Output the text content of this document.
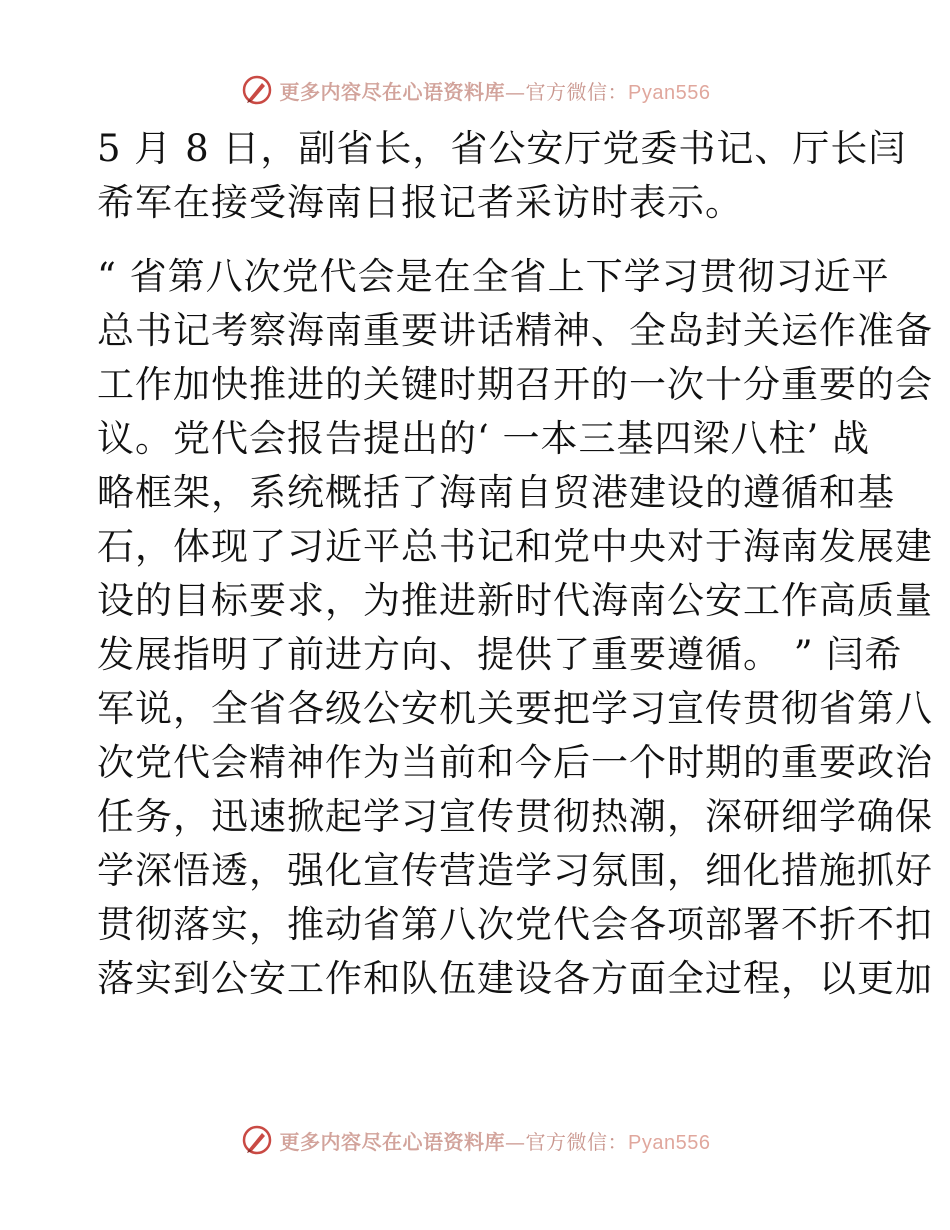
更多内容尽在心语资料库—官方微信：Pyan556
5 月 8 日，副省长，省公安厅党委书记、厅长闫
希军在接受海南日报记者采访时表示。
“ 省第八次党代会是在全省上下学习贯彻习近平
总书记考察海南重要讲话精神、全岛封关运作准备
工作加快推进的关键时期召开的一次十分重要的会
议。党代会报告提出的‘ 一本三基四梁八柱’ 战
略框架，系统概括了海南自贸港建设的遵循和基
石，体现了习近平总书记和党中央对于海南发展建
设的目标要求，为推进新时代海南公安工作高质量
发展指明了前进方向、提供了重要遵循。 ” 闫希
军说，全省各级公安机关要把学习宣传贯彻省第八
次党代会精神作为当前和今后一个时期的重要政治
任务，迅速掀起学习宣传贯彻热潮，深研细学确保
学深悟透，强化宣传营造学习氛围，细化措施抓好
贯彻落实，推动省第八次党代会各项部署不折不扣
落实到公安工作和队伍建设各方面全过程，以更加
更多内容尽在心语资料库—官方微信：Pyan556
